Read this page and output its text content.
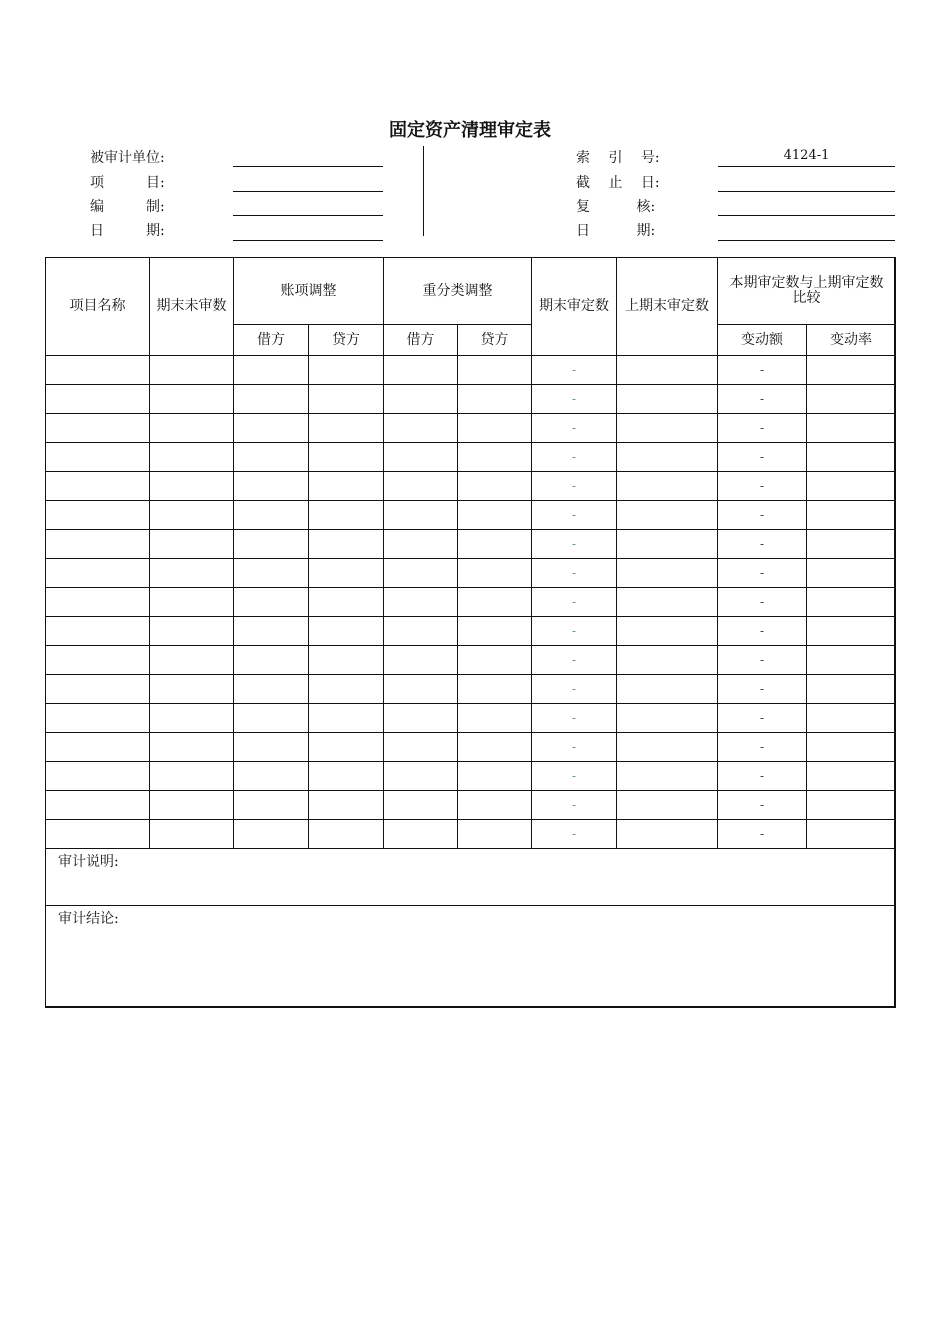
固定资产清理审定表
被审计单位:
项　　　目:
编　　　制:
日　　　期:
索　 引　 号:	4124-1
截　 止　 日:
复　　　 核:
日　　　 期:
项目名称	期末未审数	账项调整		重分类调整		期末审定数	上期末审定数	本期审定数与上期审定数比较	
		借方	贷方	借方	贷方			变动额	变动率
						-		-	
						-		-	
						-		-	
						-		-	
						-		-	
						-		-	
						-		-	
						-		-	
						-		-	
						-		-	
						-		-	
						-		-	
						-		-	
						-		-	
						-		-	
						-		-	
						-		-	
审计说明:									
审计结论:									
